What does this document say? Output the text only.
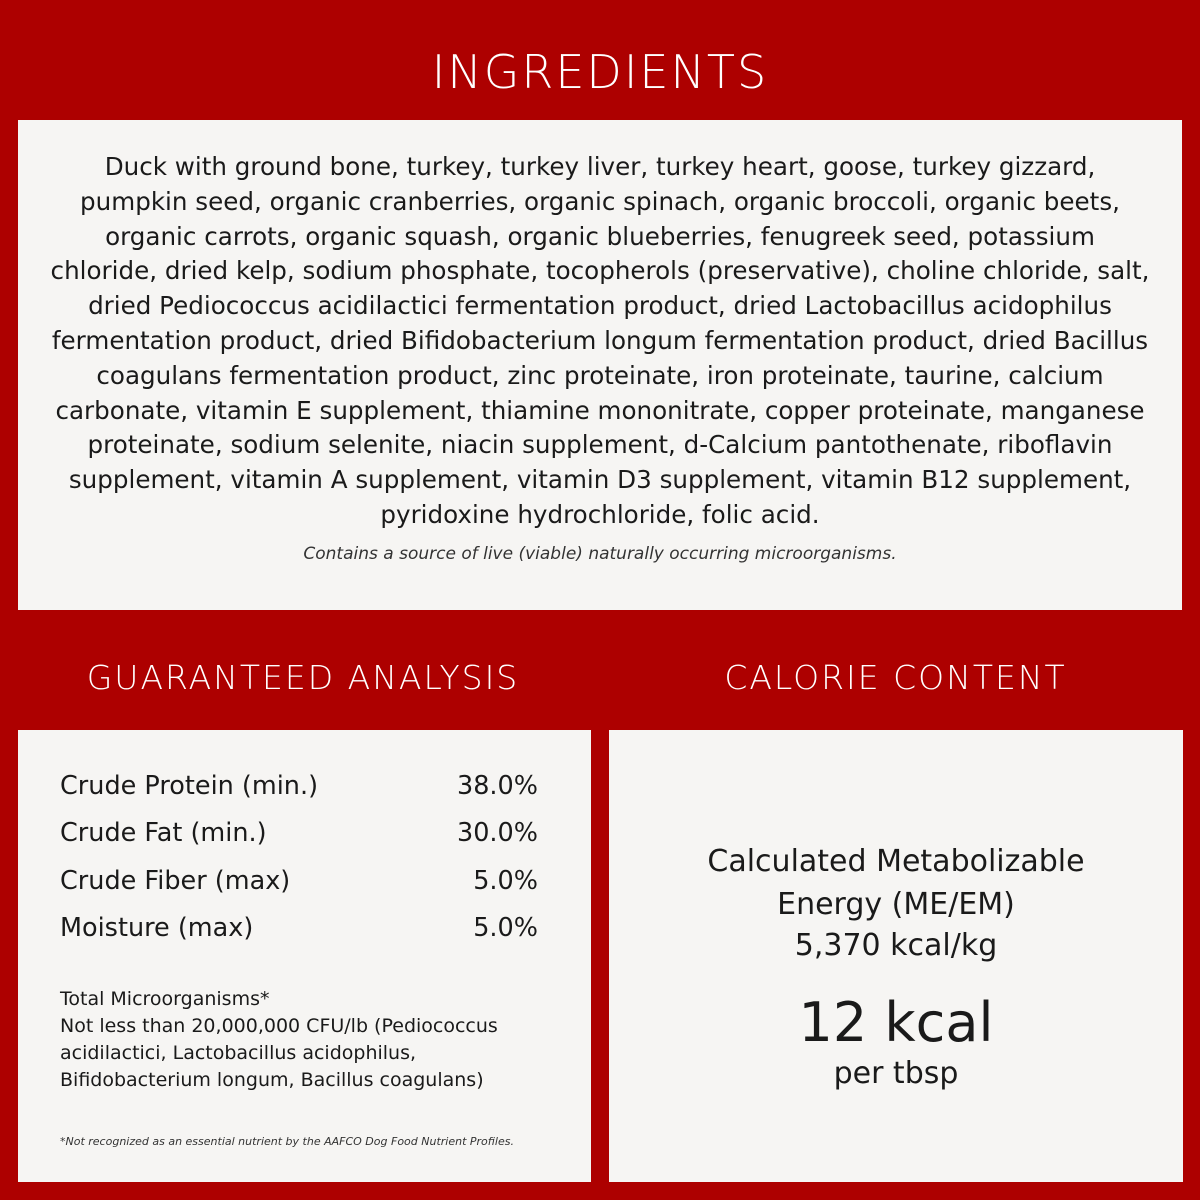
INGREDIENTS

Duck with ground bone, turkey, turkey liver, turkey heart, goose, turkey gizzard, pumpkin seed, organic cranberries, organic spinach, organic broccoli, organic beets, organic carrots, organic squash, organic blueberries, fenugreek seed, potassium chloride, dried kelp, sodium phosphate, tocopherols (preservative), choline chloride, salt, dried Pediococcus acidilactici fermentation product, dried Lactobacillus acidophilus fermentation product, dried Bifidobacterium longum fermentation product, dried Bacillus coagulans fermentation product, zinc proteinate, iron proteinate, taurine, calcium carbonate, vitamin E supplement, thiamine mononitrate, copper proteinate, manganese proteinate, sodium selenite, niacin supplement, d-Calcium pantothenate, riboflavin supplement, vitamin A supplement, vitamin D3 supplement, vitamin B12 supplement, pyridoxine hydrochloride, folic acid.

Contains a source of live (viable) naturally occurring microorganisms.
GUARANTEED ANALYSIS	CALORIE CONTENT
Crude Protein (min.)	38.0%
Crude Fat (min.)	30.0%
Crude Fiber (max)	5.0%
Moisture (max)	5.0%
Total Microorganisms*

Not less than 20,000,000 CFU/lb (Pediococcus acidilactici, Lactobacillus acidophilus, Bifidobacterium longum, Bacillus coagulans)

*Not recognized as an essential nutrient by the AAFCO Dog Food Nutrient Profiles.
Calculated Metabolizable
Energy (ME/EM)
5,370 kcal/kg
12 kcal
per tbsp
